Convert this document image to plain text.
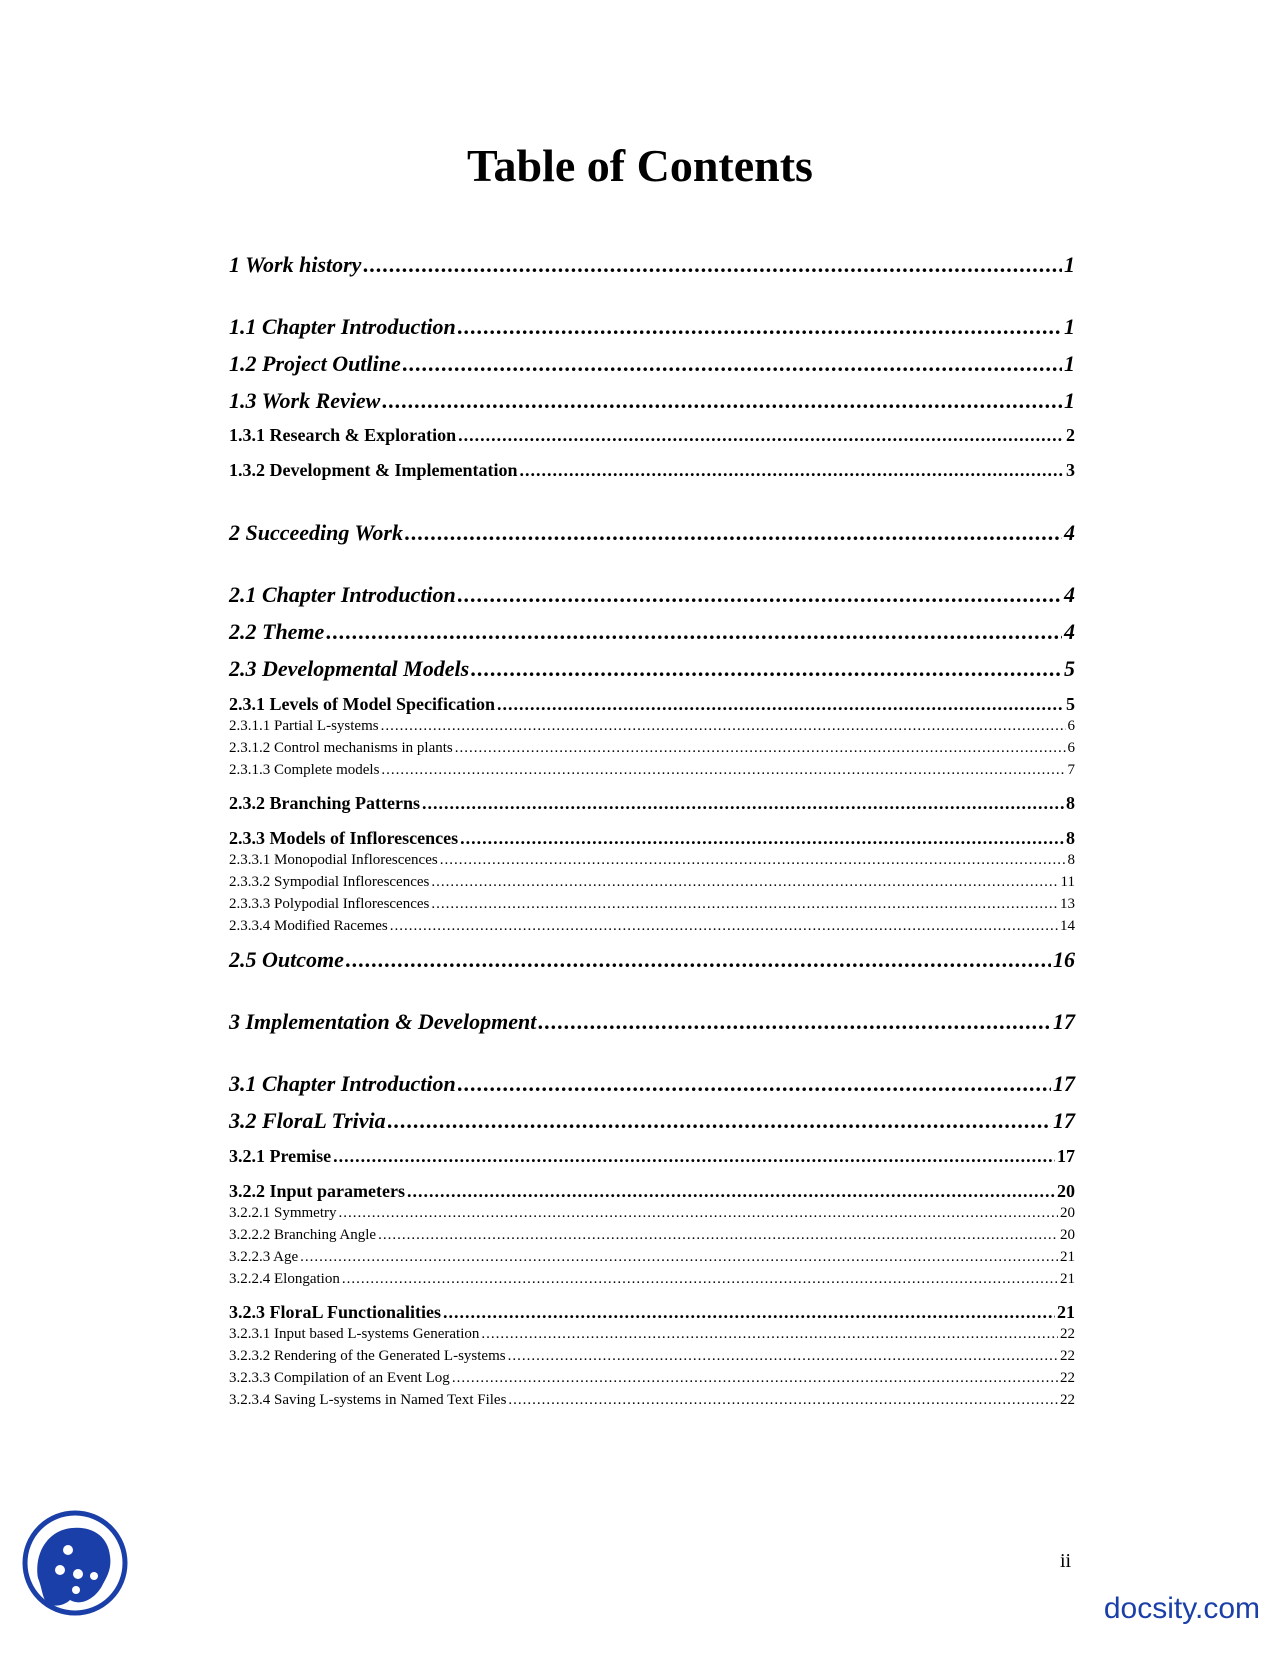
Table of Contents
1 Work history .....	1
1.1 Chapter Introduction .....	1
1.2 Project Outline .....	1
1.3 Work Review .....	1
1.3.1 Research & Exploration .....	2
1.3.2 Development & Implementation .....	3
2 Succeeding Work .....	4
2.1 Chapter Introduction .....	4
2.2 Theme .....	4
2.3 Developmental Models .....	5
2.3.1 Levels of Model Specification .....	5
2.3.1.1 Partial L-systems .....	6
2.3.1.2 Control mechanisms in plants .....	6
2.3.1.3 Complete models .....	7
2.3.2 Branching Patterns .....	8
2.3.3 Models of Inflorescences .....	8
2.3.3.1 Monopodial Inflorescences .....	8
2.3.3.2 Sympodial Inflorescences .....	11
2.3.3.3 Polypodial Inflorescences .....	13
2.3.3.4 Modified Racemes .....	14
2.5 Outcome .....	16
3 Implementation & Development .....	17
3.1 Chapter Introduction .....	17
3.2 FloraL Trivia .....	17
3.2.1 Premise .....	17
3.2.2 Input parameters .....	20
3.2.2.1 Symmetry .....	20
3.2.2.2 Branching Angle .....	20
3.2.2.3 Age .....	21
3.2.2.4 Elongation .....	21
3.2.3 FloraL Functionalities .....	21
3.2.3.1 Input based L-systems Generation .....	22
3.2.3.2 Rendering of the Generated L-systems .....	22
3.2.3.3 Compilation of an Event Log .....	22
3.2.3.4 Saving L-systems in Named Text Files .....	22
ii
docsity.com
